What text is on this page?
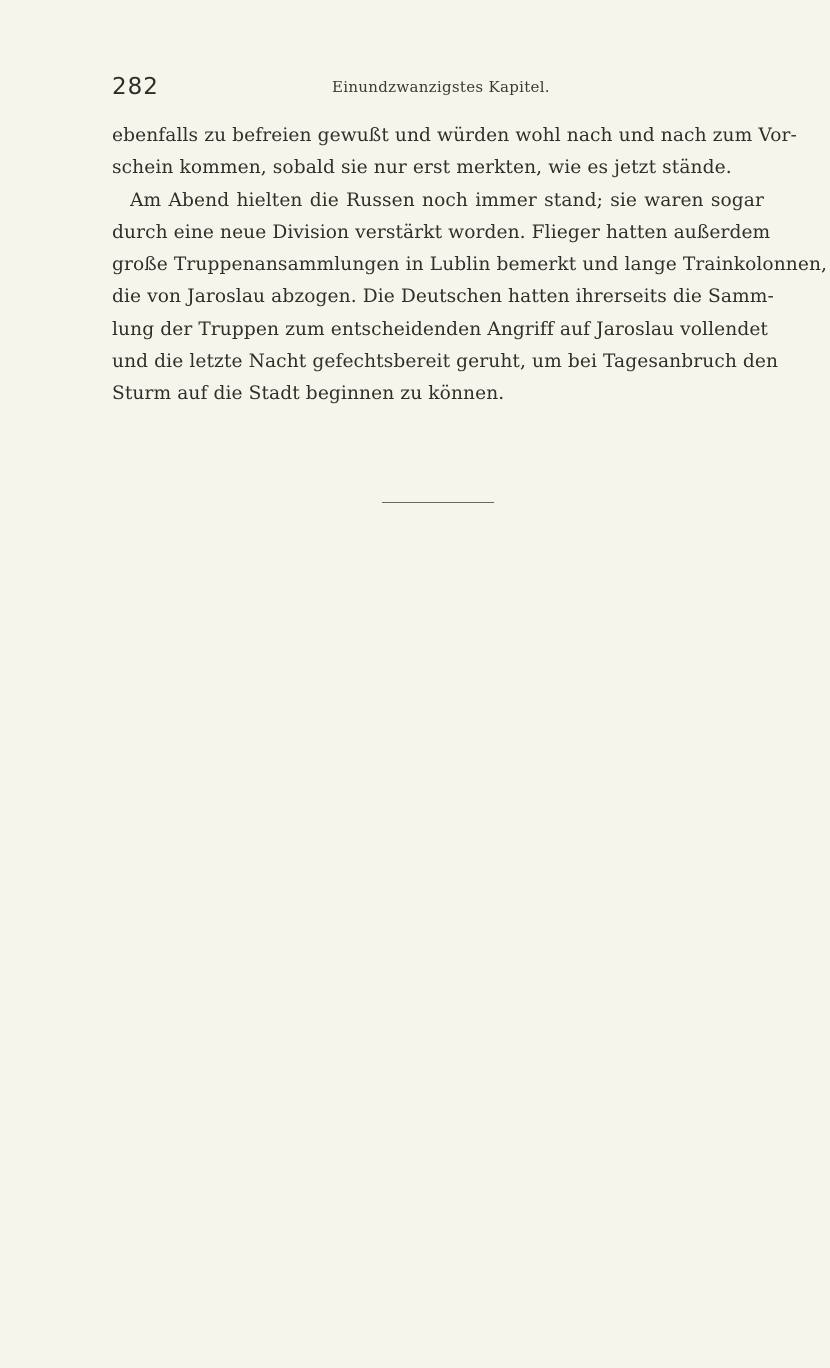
282	Einundzwanzigstes Kapitel.
ebenfalls zu befreien gewußt und würden wohl nach und nach zum Vor-
schein kommen, sobald sie nur erst merkten, wie es jetzt stände.
Am Abend hielten die Russen noch immer stand; sie waren sogar
durch eine neue Division verstärkt worden. Flieger hatten außerdem
große Truppenansammlungen in Lublin bemerkt und lange Trainkolonnen,
die von Jaroslau abzogen. Die Deutschen hatten ihrerseits die Samm-
lung der Truppen zum entscheidenden Angriff auf Jaroslau vollendet
und die letzte Nacht gefechtsbereit geruht, um bei Tagesanbruch den
Sturm auf die Stadt beginnen zu können.
